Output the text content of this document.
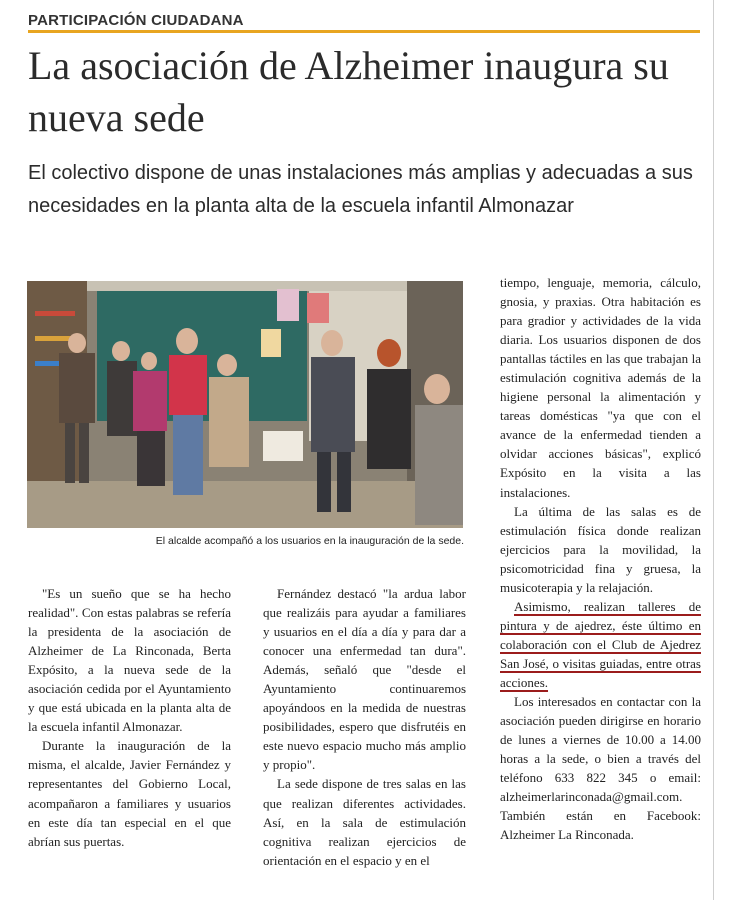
PARTICIPACIÓN CIUDADANA
La asociación de Alzheimer inaugura su nueva sede

El colectivo dispone de unas instalaciones más amplias y adecuadas a sus necesidades en la planta alta de la escuela infantil Almonazar

El alcalde acompañó a los usuarios en la inauguración de la sede.

"Es un sueño que se ha hecho realidad". Con estas palabras se refería la presidenta de la asociación de Alzheimer de La Rinconada, Berta Expósito, a la nueva sede de la asociación cedida por el Ayuntamiento y que está ubicada en la planta alta de la escuela infantil Almonazar.

Durante la inauguración de la misma, el alcalde, Javier Fernández y representantes del Gobierno Local, acompañaron a familiares y usuarios en este día tan especial en el que abrían sus puertas.

Fernández destacó "la ardua labor que realizáis para ayudar a familiares y usuarios en el día a día y para dar a conocer una enfermedad tan dura". Además, señaló que "desde el Ayuntamiento continuaremos apoyándoos en la medida de nuestras posibilidades, espero que disfrutéis en este nuevo espacio mucho más amplio y propio".

La sede dispone de tres salas en las que realizan diferentes actividades. Así, en la sala de estimulación cognitiva realizan ejercicios de orientación en el espacio y en el

tiempo, lenguaje, memoria, cálculo, gnosia, y praxias. Otra habitación es para gradior y actividades de la vida diaria. Los usuarios disponen de dos pantallas táctiles en las que trabajan la estimulación cognitiva además de la higiene personal la alimentación y tareas domésticas "ya que con el avance de la enfermedad tienden a olvidar acciones básicas", explicó Expósito en la visita a las instalaciones.

La última de las salas es de estimulación física donde realizan ejercicios para la movilidad, la psicomotricidad fina y gruesa, la musicoterapia y la relajación.

Asimismo, realizan talleres de pintura y de ajedrez, éste último en colaboración con el Club de Ajedrez San José, o visitas guiadas, entre otras acciones.

Los interesados en contactar con la asociación pueden dirigirse en horario de lunes a viernes de 10.00 a 14.00 horas a la sede, o bien a través del teléfono 633 822 345 o email: alzheimerlarinconada@gmail.com. También están en Facebook: Alzheimer La Rinconada.
